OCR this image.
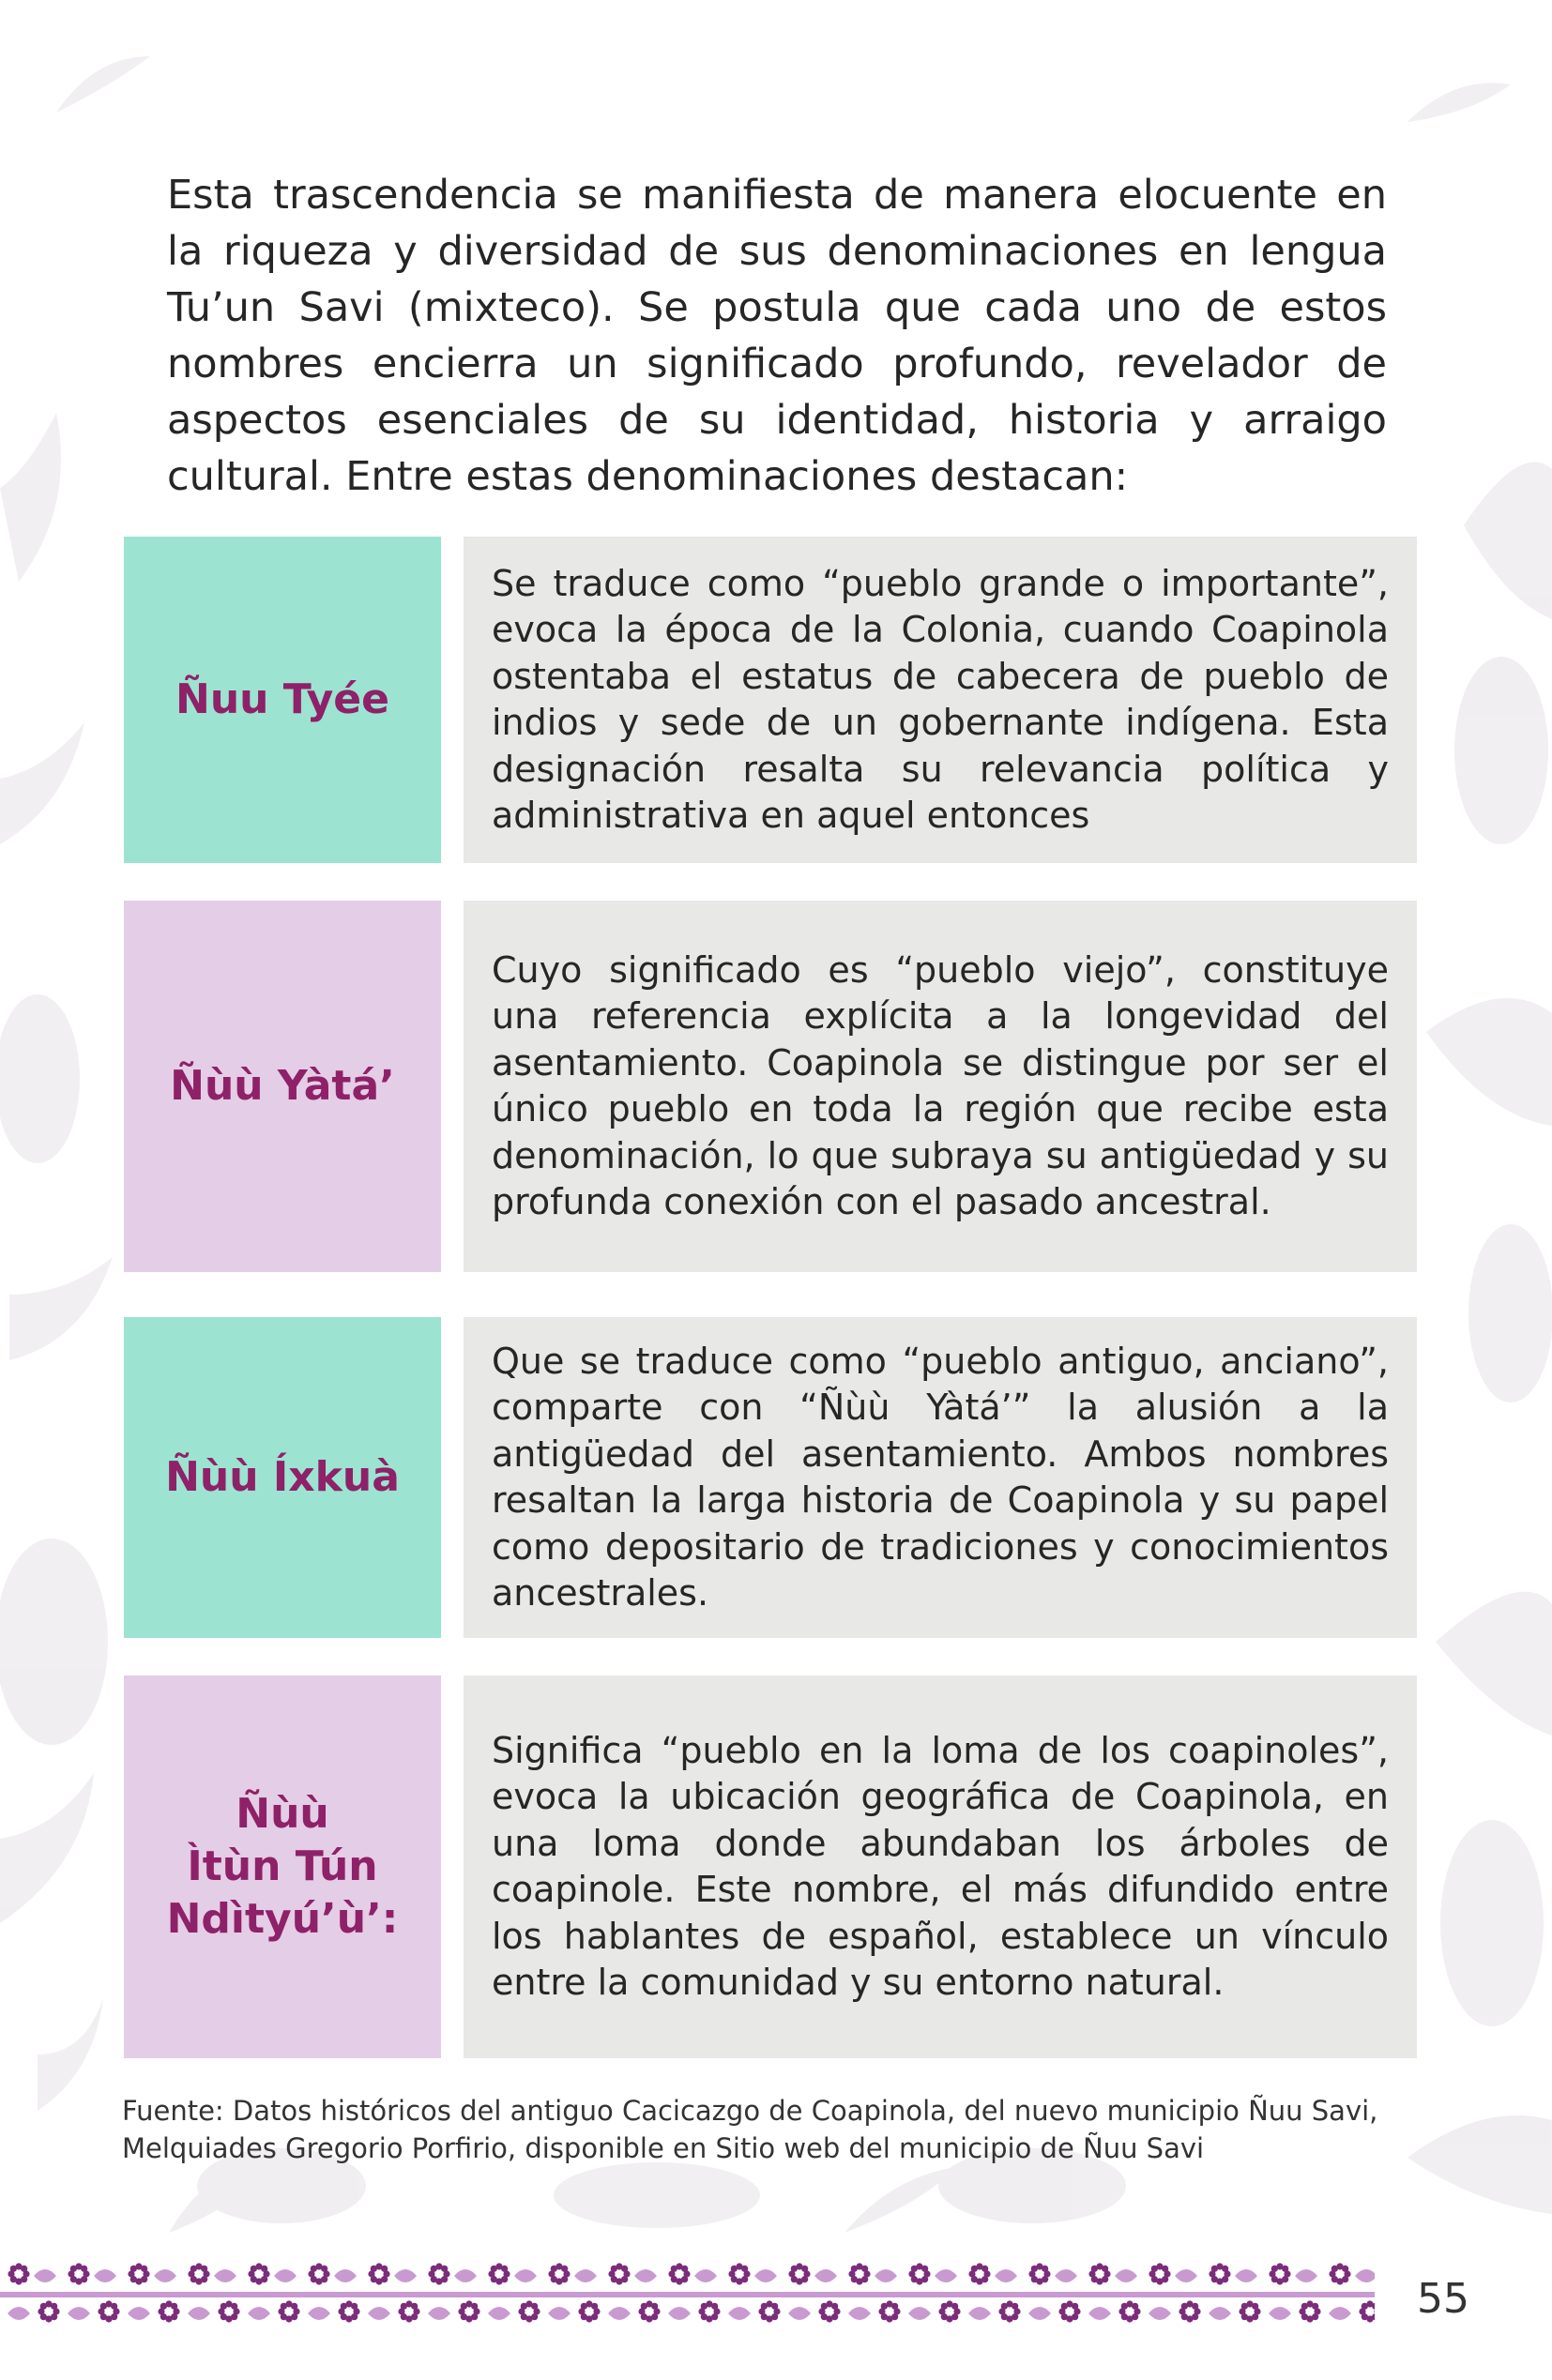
Esta trascendencia se manifiesta de manera elocuente en la riqueza y diversidad de sus denominaciones en lengua Tu’un Savi (mixteco). Se postula que cada uno de estos nombres encierra un significado profundo, revelador de aspectos esenciales de su identidad, historia y arraigo cultural. Entre estas denominaciones destacan:

Ñuu Tyée
Se traduce como “pueblo grande o importante”, evoca la época de la Colonia, cuando Coapinola ostentaba el estatus de cabecera de pueblo de indios y sede de un gobernante indígena. Esta designación resalta su relevancia política y administrativa en aquel entonces
Ñùù Yàtá’
Cuyo significado es “pueblo viejo”, constituye una referencia explícita a la longevidad del asentamiento. Coapinola se distingue por ser el único pueblo en toda la región que recibe esta denominación, lo que subraya su antigüedad y su profunda conexión con el pasado ancestral.
Ñùù Íxkuà
Que se traduce como “pueblo antiguo, anciano”, comparte con “Ñùù Yàtá’” la alusión a la antigüedad del asentamiento. Ambos nombres resaltan la larga historia de Coapinola y su papel como depositario de tradiciones y conocimientos ancestrales.
Ñùù
Ìtùn Tún
Ndìtyú’ù’:
Significa “pueblo en la loma de los coapinoles”, evoca la ubicación geográfica de Coapinola, en una loma donde abundaban los árboles de coapinole. Este nombre, el más difundido entre los hablantes de español, establece un vínculo entre la comunidad y su entorno natural.
Fuente: Datos históricos del antiguo Cacicazgo de Coapinola, del nuevo municipio Ñuu Savi,
Melquiades Gregorio Porfirio, disponible en Sitio web del municipio de Ñuu Savi
55
